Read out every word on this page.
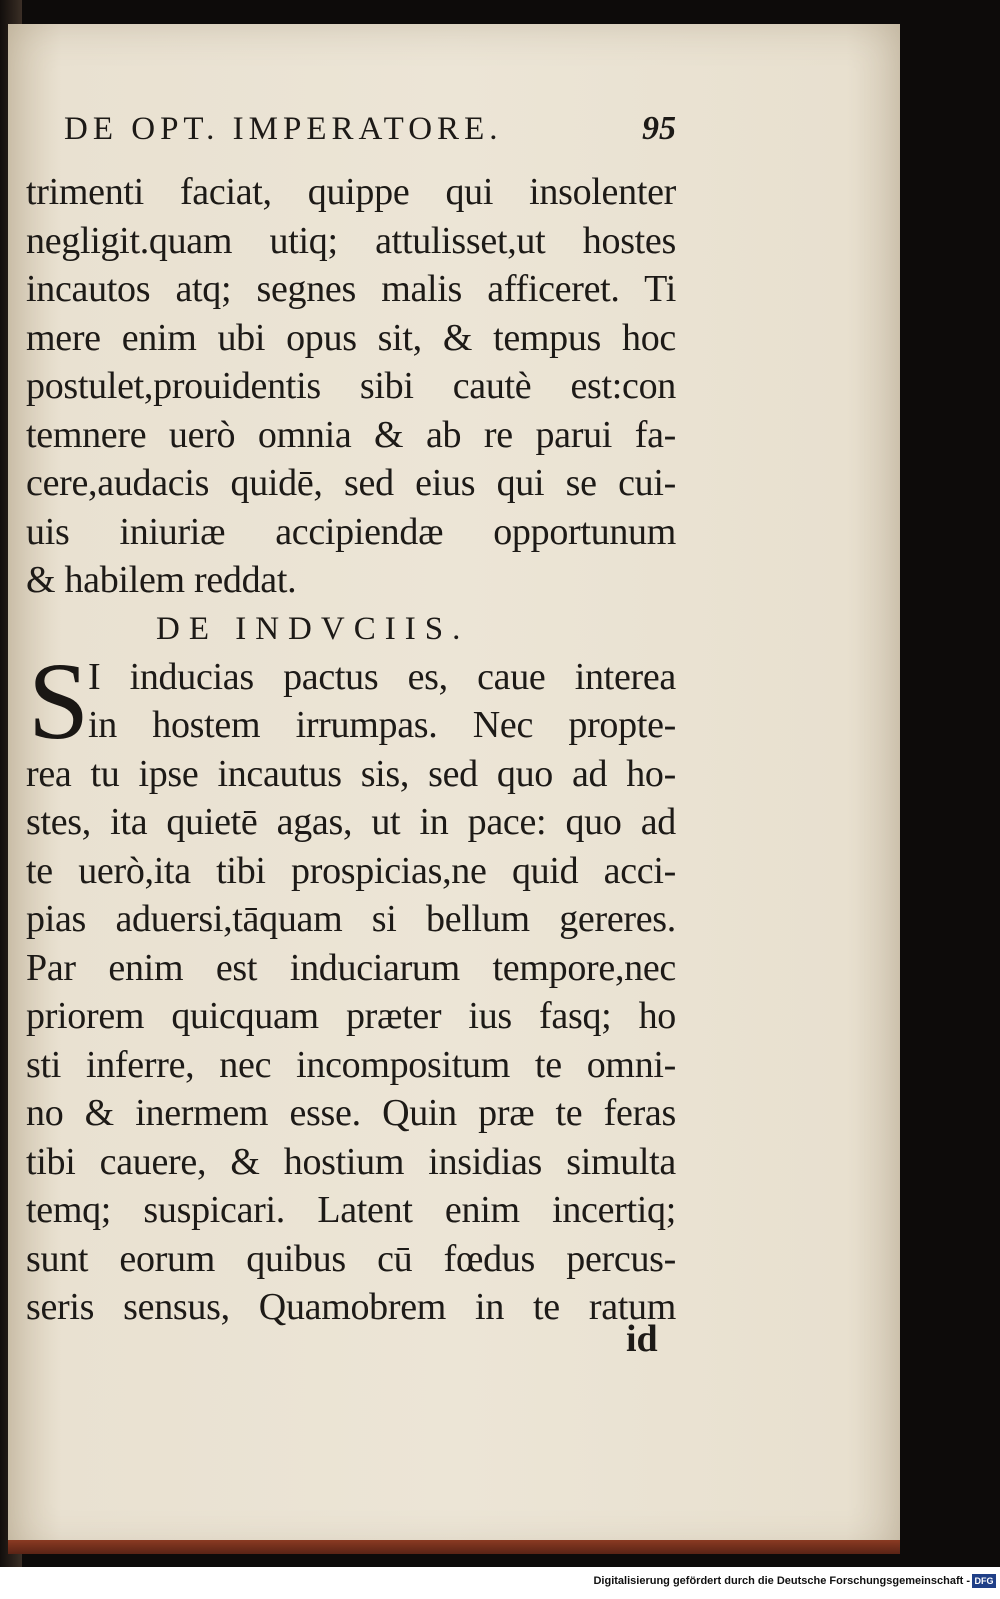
DE OPT. IMPERATORE.	95
trimenti faciat, quippe qui insolenter
negligit.quam utiq; attulisset,ut hostes
incautos atq; segnes malis afficeret. Ti
mere enim ubi opus sit, & tempus hoc
postulet,prouidentis sibi cautè est:con
temnere uerò omnia & ab re parui fa-
cere,audacis quidē, sed eius qui se cui-
uis iniuriæ accipiendæ opportunum
& habilem reddat.
DE INDVCIIS.
S
I inducias pactus es, caue interea
in hostem irrumpas. Nec propte-
rea tu ipse incautus sis, sed quo ad ho-
stes, ita quietē agas, ut in pace: quo ad
te uerò,ita tibi prospicias,ne quid acci-
pias aduersi,tāquam si bellum gereres.
Par enim est induciarum tempore,nec
priorem quicquam præter ius fasq; ho
sti inferre, nec incompositum te omni-
no & inermem esse. Quin præ te feras
tibi cauere, & hostium insidias simulta
temq; suspicari. Latent enim incertiq;
sunt eorum quibus cū fœdus percus-
seris sensus, Quamobrem in te ratum
id
Digitalisierung gefördert durch die Deutsche Forschungsgemeinschaft - DFG
